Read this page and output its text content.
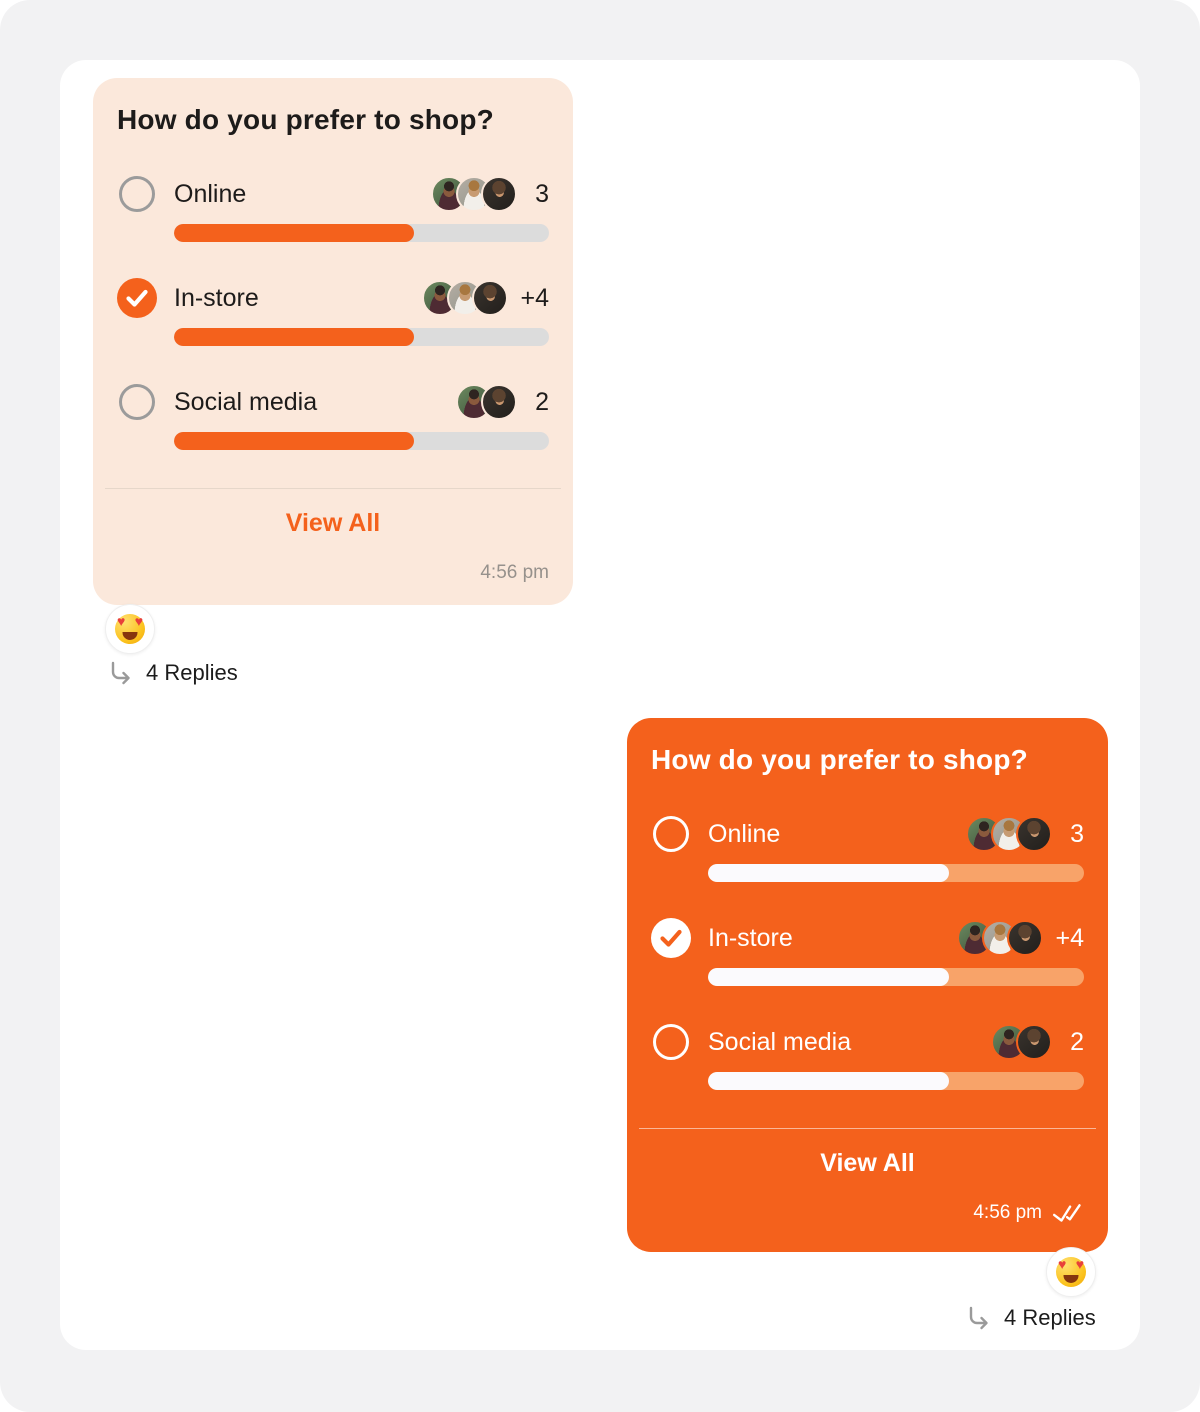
How do you prefer to shop?
Online	3
In-store	+4
Social media	2
View All
4:56 pm
♥ ♥
4 Replies
How do you prefer to shop?
Online	3
In-store	+4
Social media	2
View All
4:56 pm
♥ ♥
4 Replies
